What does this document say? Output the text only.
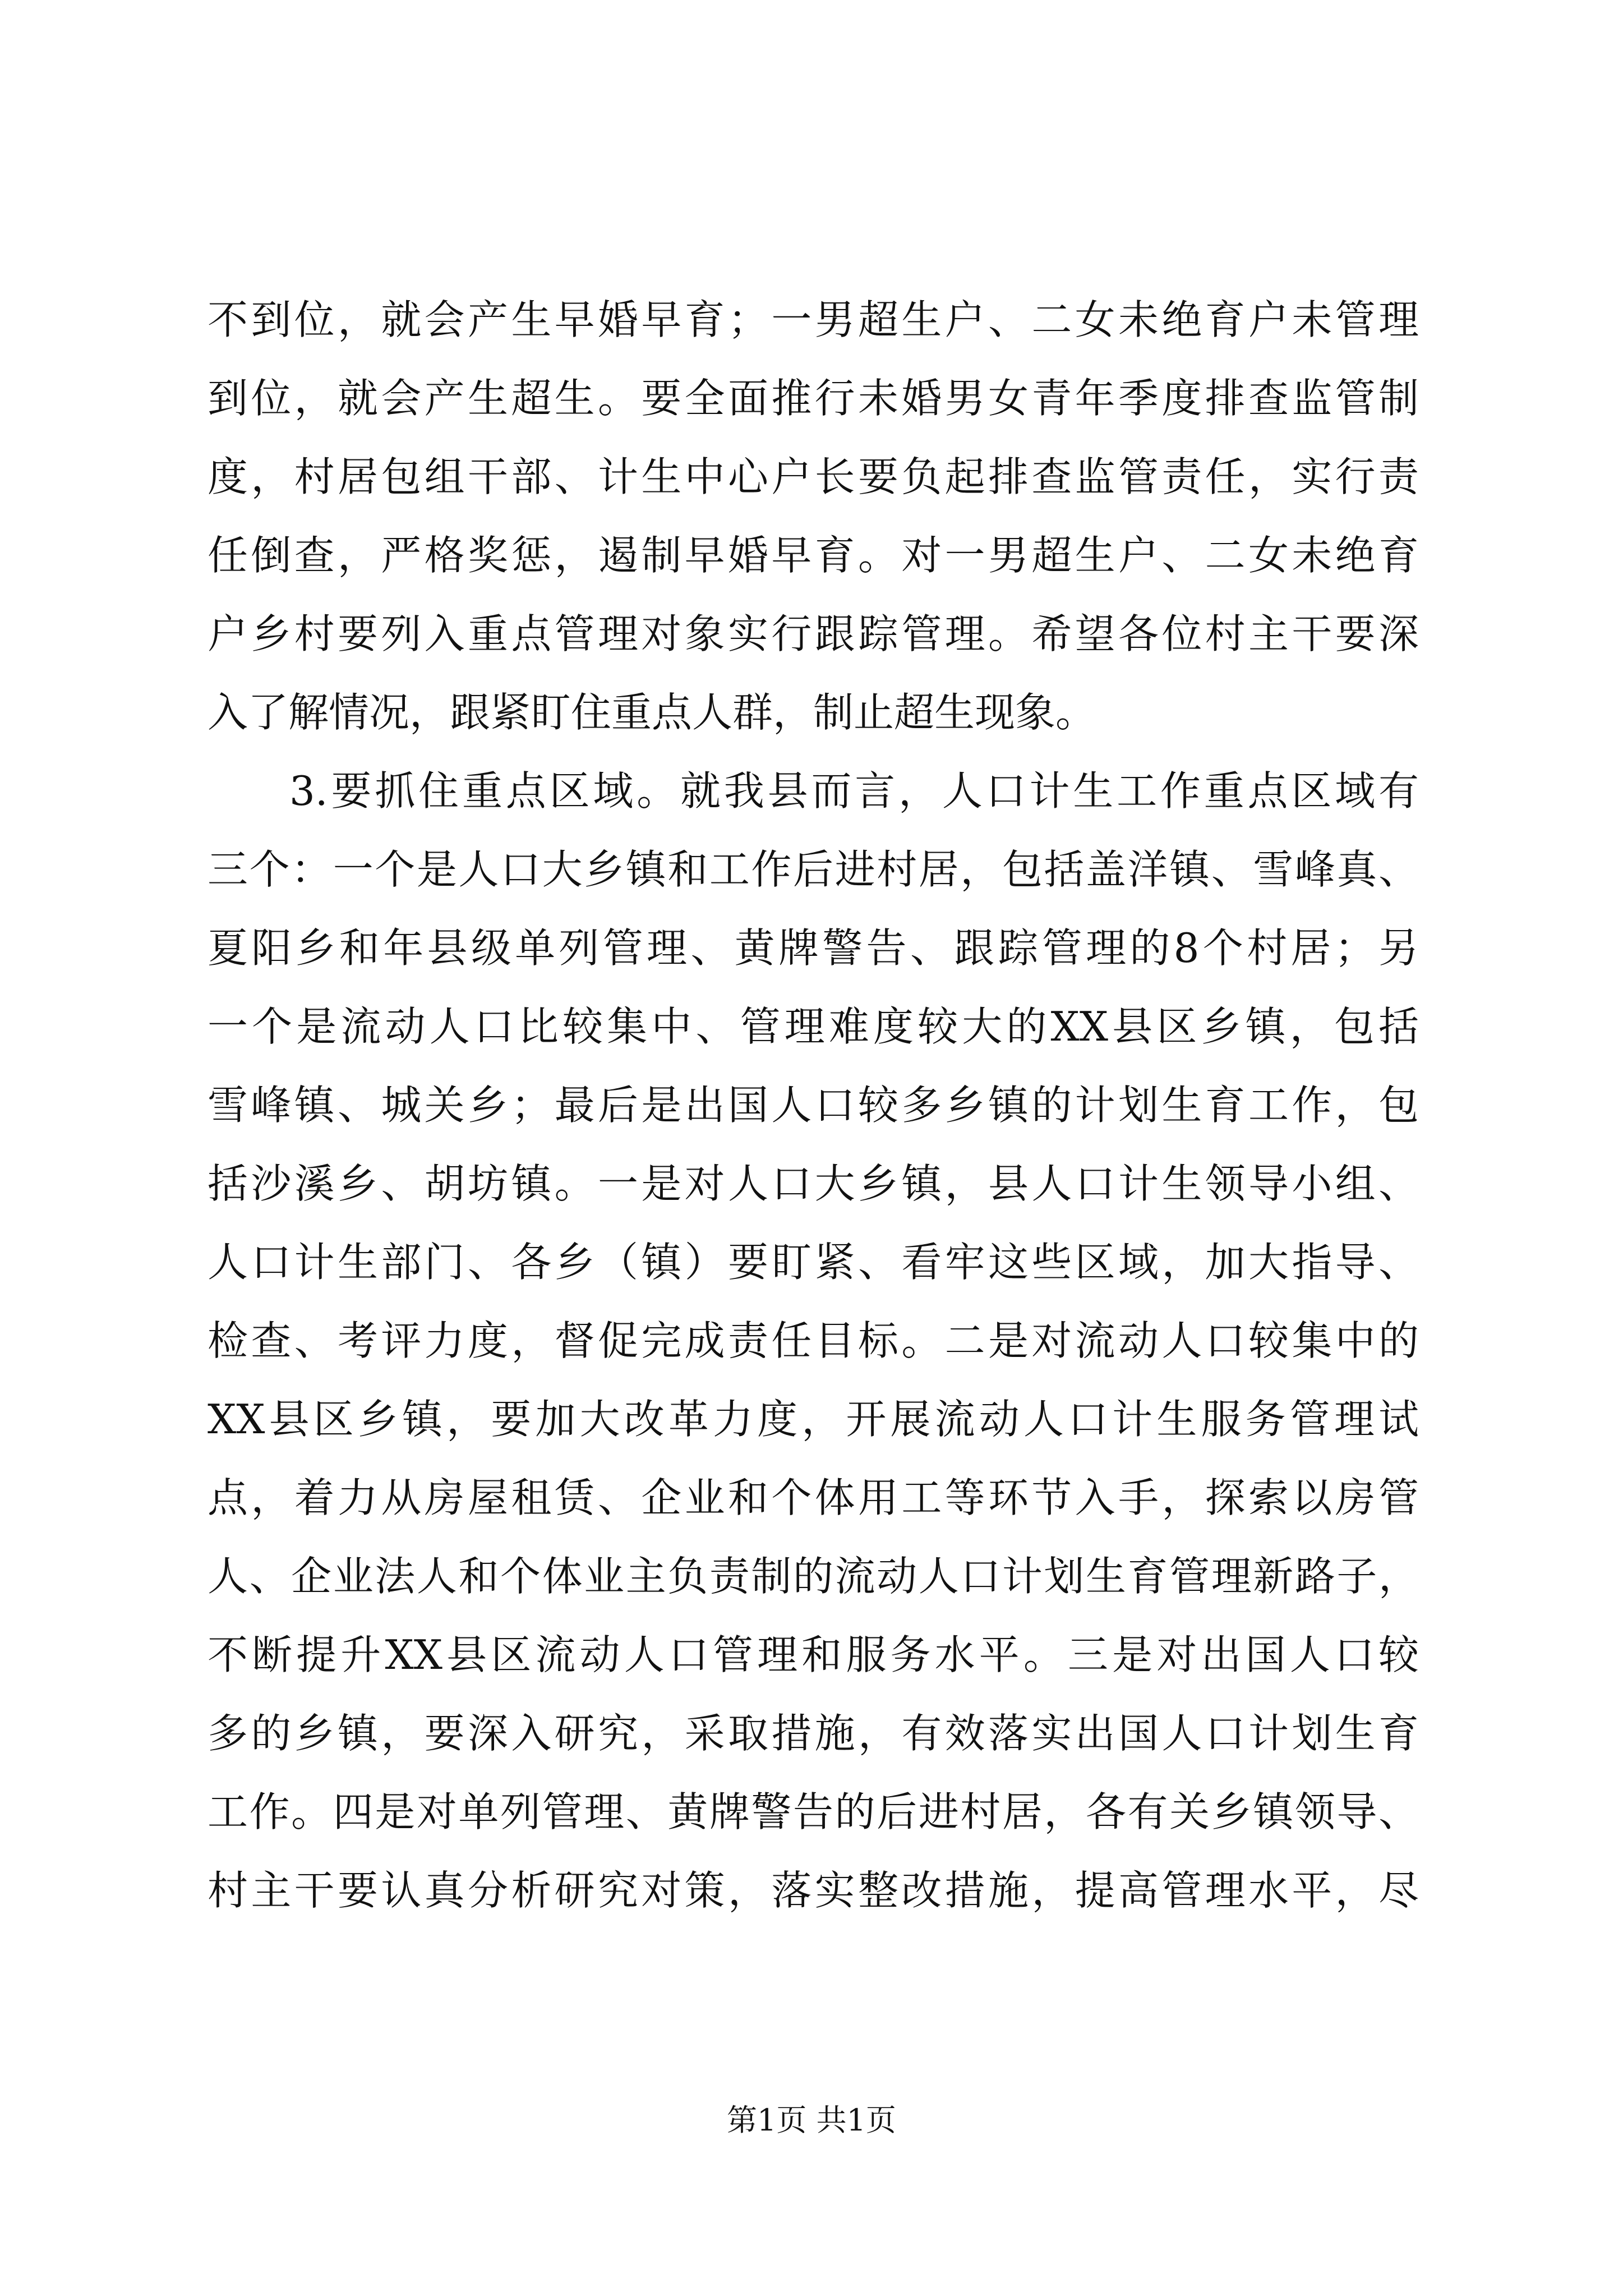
不到位，就会产生早婚早育；一男超生户、二女未绝育户未管理
到位，就会产生超生。要全面推行未婚男女青年季度排查监管制
度，村居包组干部、计生中心户长要负起排查监管责任，实行责
任倒查，严格奖惩，遏制早婚早育。对一男超生户、二女未绝育
户乡村要列入重点管理对象实行跟踪管理。希望各位村主干要深
入了解情况，跟紧盯住重点人群，制止超生现象。
3.要抓住重点区域。就我县而言，人口计生工作重点区域有
三个：一个是人口大乡镇和工作后进村居，包括盖洋镇、雪峰真、
夏阳乡和年县级单列管理、黄牌警告、跟踪管理的8个村居；另
一个是流动人口比较集中、管理难度较大的XX县区乡镇，包括
雪峰镇、城关乡；最后是出国人口较多乡镇的计划生育工作，包
括沙溪乡、胡坊镇。一是对人口大乡镇，县人口计生领导小组、
人口计生部门、各乡（镇）要盯紧、看牢这些区域，加大指导、
检查、考评力度，督促完成责任目标。二是对流动人口较集中的
XX县区乡镇，要加大改革力度，开展流动人口计生服务管理试
点，着力从房屋租赁、企业和个体用工等环节入手，探索以房管
人、企业法人和个体业主负责制的流动人口计划生育管理新路子，
不断提升XX县区流动人口管理和服务水平。三是对出国人口较
多的乡镇，要深入研究，采取措施，有效落实出国人口计划生育
工作。四是对单列管理、黄牌警告的后进村居，各有关乡镇领导、
村主干要认真分析研究对策，落实整改措施，提高管理水平，尽
第1页 共1页
